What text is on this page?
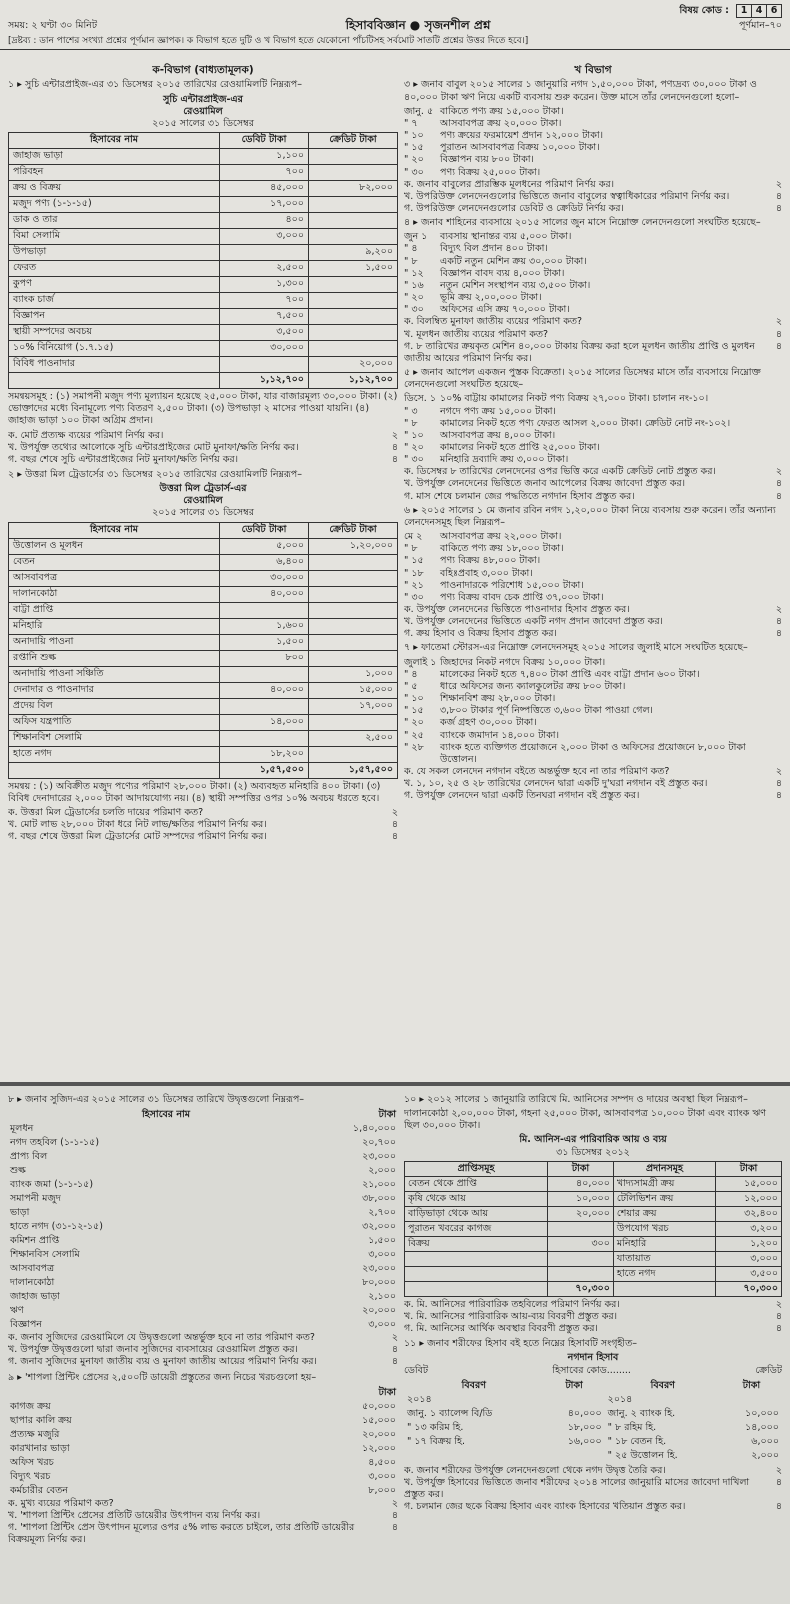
বিষয় কোড :	1 4 6
সময়: ২ ঘণ্টা ৩০ মিনিট	হিসাববিজ্ঞান ● সৃজনশীল প্রশ্ন	পূর্ণমান–৭০
[দ্রষ্টব্য : ডান পাশের সংখ্যা প্রশ্নের পূর্ণমান জ্ঞাপক। ক বিভাগ হতে দুটি ও খ বিভাগ হতে যেকোনো পাঁচটিসহ সর্বমোট সাতটি প্রশ্নের উত্তর দিতে হবে।]
ক-বিভাগ (বাধ্যতামূলক)
১ ▸ সুচি এন্টারপ্রাইজ-এর ৩১ ডিসেম্বর ২০১৫ তারিখের রেওয়ামিলটি নিম্নরূপ–
সুচি এন্টারপ্রাইজ-এর
রেওয়ামিল
২০১৫ সালের ৩১ ডিসেম্বর
হিসাবের নাম	ডেবিট টাকা	ক্রেডিট টাকা
জাহাজ ভাড়া	১,১০০	
পরিবহন	৭০০	
ক্রয় ও বিক্রয়	৪৫,০০০	৮২,০০০
মজুদ পণ্য (১-১-১৫)	১৭,০০০	
ডাক ও তার	৪০০	
বিমা সেলামি	৩,০০০	
উপভাড়া		৯,২০০
ফেরত	২,৫০০	১,৫০০
কুপণ	১,৩০০	
ব্যাংক চার্জ	৭০০	
বিজ্ঞাপন	৭,৫০০	
স্থায়ী সম্পদের অবচয়	৩,৫০০	
১০% বিনিয়োগ (১.৭.১৫)	৩০,০০০	
বিবিধ পাওনাদার		২০,০০০
	১,১২,৭০০	১,১২,৭০০
সমন্বয়সমূহ : (১) সমাপনী মজুদ পণ্য মূল্যায়ন হয়েছে ২৫,০০০ টাকা, যার বাজারমূল্য ৩০,০০০ টাকা। (২) ভোক্তাদের মধ্যে বিনামূল্যে পণ্য বিতরণ ২,৫০০ টাকা। (৩) উপভাড়া ২ মাসের পাওয়া যায়নি। (৪) জাহাজ ভাড়া ১০০ টাকা অগ্রিম প্রদান।
ক. মোট প্রত্যক্ষ ব্যয়ের পরিমাণ নির্ণয় কর।	২
খ. উপর্যুক্ত তথ্যের আলোকে সুচি এন্টারপ্রাইজের মোট মুনাফা/ক্ষতি নির্ণয় কর।	৪
গ. বছর শেষে সুচি এন্টারপ্রাইজের নিট মুনাফা/ক্ষতি নির্ণয় কর।	৪
২ ▸ উত্তরা মিল ট্রেডার্সের ৩১ ডিসেম্বর ২০১৫ তারিখের রেওয়ামিলটি নিম্নরূপ–
উত্তরা মিল ট্রেডার্স-এর
রেওয়ামিল
২০১৫ সালের ৩১ ডিসেম্বর
হিসাবের নাম	ডেবিট টাকা	ক্রেডিট টাকা
উত্তোলন ও মূলধন	৫,০০০	১,২০,০০০
বেতন	৬,৪০০	
আসবাবপত্র	৩০,০০০	
দালানকোঠা	৪০,০০০	
বাট্টা প্রাপ্তি		
মনিহারি	১,৬০০	
অনাদায়ি পাওনা	১,৫০০	
রপ্তানি শুল্ক	৮০০	
অনাদায়ি পাওনা সঞ্চিতি		১,০০০
দেনাদার ও পাওনাদার	৪০,০০০	১৫,০০০
প্রদেয় বিল		১৭,০০০
অফিস যন্ত্রপাতি	১৪,০০০	
শিক্ষানবিশ সেলামি		২,৫০০
হাতে নগদ	১৮,২০০	
	১,৫৭,৫০০	১,৫৭,৫০০
সমন্বয় : (১) অবিক্রীত মজুদ পণ্যের পরিমাণ ২৮,০০০ টাকা। (২) অব্যবহৃত মনিহারি ৪০০ টাকা। (৩) বিবিধ দেনাদারের ২,০০০ টাকা আদায়যোগ্য নয়। (৪) স্থায়ী সম্পত্তির ওপর ১০% অবচয় ধরতে হবে।
ক. উত্তরা মিল ট্রেডার্সের চলতি দায়ের পরিমাণ কত?	২
খ. মোট লাভ ২৮,০০০ টাকা ধরে নিট লাভ/ক্ষতির পরিমাণ নির্ণয় কর।	৪
গ. বছর শেষে উত্তরা মিল ট্রেডার্সের মোট সম্পদের পরিমাণ নির্ণয় কর।	৪
খ বিভাগ
৩ ▸ জনাব বাবুল ২০১৫ সালের ১ জানুয়ারি নগদ ১,৫০,০০০ টাকা, পণ্যদ্রব্য ৩০,০০০ টাকা ও ৪০,০০০ টাকা ঋণ নিয়ে একটি ব্যবসায় শুরু করেন। উক্ত মাসে তাঁর লেনদেনগুলো হলো–
জানু. ৫ বাকিতে পণ্য ক্রয় ১৫,০০০ টাকা।
" ৭	আসবাবপত্র ক্রয় ২০,০০০ টাকা।
" ১০	পণ্য ক্রয়ের ফরমায়েশ প্রদান ১২,০০০ টাকা।
" ১৫	পুরাতন আসবাবপত্র বিক্রয় ১০,০০০ টাকা।
" ২০	বিজ্ঞাপন ব্যয় ৮০০ টাকা।
" ৩০	পণ্য বিক্রয় ২৫,০০০ টাকা।
ক. জনাব বাবুলের প্রারম্ভিক মূলধনের পরিমাণ নির্ণয় কর।	২
খ. উপরিউক্ত লেনদেনগুলোর ভিত্তিতে জনাব বাবুলের স্বত্বাধিকারের পরিমাণ নির্ণয় কর।	৪
গ. উপরিউক্ত লেনদেনগুলোর ডেবিট ও ক্রেডিট নির্ণয় কর।	৪
৪ ▸ জনাব শাহিনের ব্যবসায়ে ২০১৫ সালের জুন মাসে নিম্নোক্ত লেনদেনগুলো সংঘটিত হয়েছে–
জুন ১	ব্যবসায় স্থানান্তর ব্যয় ৫,০০০ টাকা।
" ৪	বিদ্যুৎ বিল প্রদান ৪০০ টাকা।
" ৮	একটি নতুন মেশিন ক্রয় ৩০,০০০ টাকা।
" ১২	বিজ্ঞাপন বাবদ ব্যয় ৪,০০০ টাকা।
" ১৬	নতুন মেশিন সংস্থাপন ব্যয় ৩,৫০০ টাকা।
" ২০	ভূমি ক্রয় ২,০০,০০০ টাকা।
" ৩০	অফিসের এসি ক্রয় ৭০,০০০ টাকা।
ক. বিলম্বিত মুনাফা জাতীয় ব্যয়ের পরিমাণ কত?	২
খ. মূলধন জাতীয় ব্যয়ের পরিমাণ কত?	৪
গ. ৮ তারিখের ক্রয়কৃত মেশিন ৪০,০০০ টাকায় বিক্রয় করা হলে মূলধন জাতীয় প্রাপ্তি ও মুলধন জাতীয় আয়ের পরিমাণ নির্ণয় কর।
৪
৫ ▸ জনাব আপেল একজন পুস্তক বিক্রেতা। ২০১৫ সালের ডিসেম্বর মাসে তাঁর ব্যবসায়ে নিম্নোক্ত লেনদেনগুলো সংঘটিত হয়েছে–
ডিসে. ১ ১০% বাট্টায় কামালের নিকট পণ্য বিক্রয় ২৭,০০০ টাকা। চালান নং-১০।
" ৩	নগদে পণ্য ক্রয় ১৫,০০০ টাকা।
" ৮	কামালের নিকট হতে পণ্য ফেরত আসল ২,০০০ টাকা। ক্রেডিট নোট নং-১০২।
" ১০	আসবাবপত্র ক্রয় ৪,০০০ টাকা।
" ২০	কামালের নিকট হতে প্রাপ্তি ২৫,০০০ টাকা।
" ৩০	মনিহারি দ্রব্যাদি ক্রয় ৩,০০০ টাকা।
ক. ডিসেম্বর ৮ তারিখের লেনদেনের ওপর ভিত্তি করে একটি ক্রেডিট নোট প্রস্তুত কর।	২
খ. উপর্যুক্ত লেনদেনের ভিত্তিতে জনাব আপেলের বিক্রয় জাবেদা প্রস্তুত কর।	৪
গ. মাস শেষে চলমান জের পদ্ধতিতে নগদান হিসাব প্রস্তুত কর।	৪
৬ ▸ ২০১৫ সালের ১ মে জনাব রবিন নগদ ১,২০,০০০ টাকা নিয়ে ব্যবসায় শুরু করেন। তাঁর অন্যান্য লেনদেনসমূহ ছিল নিম্নরূপ–
মে ২	আসবাবপত্র ক্রয় ২২,০০০ টাকা।
" ৮	বাকিতে পণ্য ক্রয় ১৮,০০০ টাকা।
" ১৫	পণ্য বিক্রয় ৪৮,০০০ টাকা।
" ১৮	বহিঃপ্রবাহ ৩,০০০ টাকা।
" ২১	পাওনাদারকে পরিশোধ ১৫,০০০ টাকা।
" ৩০	পণ্য বিক্রয় বাবদ চেক প্রাপ্তি ৩৭,০০০ টাকা।
ক. উপর্যুক্ত লেনদেনের ভিত্তিতে পাওনাদার হিসাব প্রস্তুত কর।	২
খ. উপর্যুক্ত লেনদেনের ভিত্তিতে একটি নগদ প্রদান জাবেদা প্রস্তুত কর।	৪
গ. ক্রয় হিসাব ও বিক্রয় হিসাব প্রস্তুত কর।	৪
৭ ▸ ফাতেমা স্টোরস-এর নিম্নোক্ত লেনদেনসমূহ ২০১৫ সালের জুলাই মাসে সংঘটিত হয়েছে–
জুলাই ১ জিহাদের নিকট নগদে বিক্রয় ১০,০০০ টাকা।
" ৪	মালেকের নিকট হতে ৭,৪০০ টাকা প্রাপ্তি এবং বাট্টা প্রদান ৬০০ টাকা।
" ৫	ধারে অফিসের জন্য ক্যালকুলেটর ক্রয় ৮০০ টাকা।
" ১০	শিক্ষানবিশ ক্রয় ২৮,০০০ টাকা।
" ১৫	৩,৮০০ টাকার পূর্ণ নিষ্পত্তিতে ৩,৬০০ টাকা পাওয়া গেল।
" ২০	কর্জ গ্রহণ ৩০,০০০ টাকা।
" ২৫	ব্যাংকে জমাদান ১৪,০০০ টাকা।
" ২৮	ব্যাংক হতে ব্যক্তিগত প্রয়োজনে ২,০০০ টাকা ও অফিসের প্রয়োজনে ৮,০০০ টাকা উত্তোলন।
ক. যে সকল লেনদেন নগদান বইতে অন্তর্ভুক্ত হবে না তার পরিমাণ কত?	২
খ. ১, ১০, ২৫ ও ২৮ তারিখের লেনদেন দ্বারা একটি দু'ঘরা নগদান বই প্রস্তুত কর।	৪
গ. উপর্যুক্ত লেনদেন দ্বারা একটি তিনঘরা নগদান বই প্রস্তুত কর।	৪
৮ ▸ জনাব সুজিদ-এর ২০১৫ সালের ৩১ ডিসেম্বর তারিখে উদ্বৃত্তগুলো নিম্নরূপ–
হিসাবের নাম	টাকা
মূলধন	১,৪০,০০০
নগদ তহবিল (১-১-১৫)	২০,৭০০
প্রাপ্য বিল	২৩,০০০
শুল্ক	২,০০০
ব্যাংক জমা (১-১-১৫)	২১,০০০
সমাপনী মজুদ	৩৮,০০০
ভাড়া	২,৭০০
হাতে নগদ (৩১-১২-১৫)	৩২,০০০
কমিশন প্রাপ্তি	১,৫০০
শিক্ষানবিস সেলামি	৩,০০০
আসবাবপত্র	২৩,০০০
দালানকোঠা	৮০,০০০
জাহাজ ভাড়া	২,১০০
ঋণ	২০,০০০
বিজ্ঞাপন	৩,০০০
ক. জনাব সুজিদের রেওয়ামিলে যে উদ্বৃত্তগুলো অন্তর্ভুক্ত হবে না তার পরিমাণ কত?	২
খ. উপর্যুক্ত উদ্বৃত্তগুলো দ্বারা জনাব সুজিদের ব্যবসায়ের রেওয়ামিল প্রস্তুত কর।	৪
গ. জনাব সুজিদের মুনাফা জাতীয় ব্যয় ও মুনাফা জাতীয় আয়ের পরিমাণ নির্ণয় কর।	৪
৯ ▸ 'শাপলা প্রিন্টিং প্রেসের ২,৫০০টি ডায়েরী প্রস্তুতের জন্য নিচের খরচগুলো হয়–
	টাকা
কাগজ ক্রয়	৫০,০০০
ছাপার কালি ক্রয়	১৫,০০০
প্রত্যক্ষ মজুরি	২০,০০০
কারখানার ভাড়া	১২,০০০
অফিস খরচ	৪,৫০০
বিদ্যুৎ খরচ	৩,০০০
কর্মচারীর বেতন	৮,০০০
ক. মুখ্য ব্যয়ের পরিমাণ কত?	২
খ. 'শাপলা প্রিন্টিং প্রেসের প্রতিটি ডায়েরীর উৎপাদন ব্যয় নির্ণয় কর।	৪
গ. 'শাপলা প্রিন্টিং প্রেস উৎপাদন মূল্যের ওপর ৫% লাভ করতে চাইলে, তার প্রতিটি ডায়েরীর বিক্রয়মূল্য নির্ণয় কর।
৪
১০ ▸ ২০১২ সালের ১ জানুয়ারি তারিখে মি. আনিসের সম্পদ ও দায়ের অবস্থা ছিল নিম্নরূপ–
দালানকোঠা ২,০০,০০০ টাকা, গহনা ২৫,০০০ টাকা, আসবাবপত্র ১০,০০০ টাকা এবং ব্যাংক ঋণ ছিল ৩০,০০০ টাকা।
মি. আনিস-এর পারিবারিক আয় ও ব্যয়
৩১ ডিসেম্বর ২০১২
প্রাপ্তিসমূহ	টাকা	প্রদানসমূহ	টাকা
বেতন থেকে প্রাপ্তি	৪০,০০০	খাদ্যসামগ্রী ক্রয়	১৫,০০০
কৃষি থেকে আয়	১০,০০০	টেলিভিশন ক্রয়	১২,০০০
বাড়িভাড়া থেকে আয়	২০,০০০	শেয়ার ক্রয়	৩২,৪০০
পুরাতন খবরের কাগজ		উপযোগ খরচ	৩,২০০
বিক্রয়	৩০০	মনিহারি	১,২০০
		যাতায়াত	৩,০০০
		হাতে নগদ	৩,৫০০
	৭০,৩০০		৭০,৩০০
ক. মি. আনিসের পারিবারিক তহবিলের পরিমাণ নির্ণয় কর।	২
খ. মি. আনিসের পারিবারিক আয়-ব্যয় বিবরণী প্রস্তুত কর।	৪
গ. মি. আনিসের আর্থিক অবস্থার বিবরণী প্রস্তুত কর।	৪
১১ ▸ জনাব শরীফের হিসাব বই হতে নিম্নের হিসাবটি সংগৃহীত–
নগদান হিসাব
ডেবিট	হিসাবের কোড........	ক্রেডিট
বিবরণ	টাকা	বিবরণ	টাকা
২০১৪		২০১৪	
জানু. ১ ব্যালেন্স বি/ডি	৪০,০০০	জানু. ২ ব্যাংক হি.	১০,০০০
" ১৩ করিম হি.	১৮,০০০	" ৮ রহিম হি.	১৪,০০০
" ১৭ বিক্রয় হি.	১৬,০০০	" ১৮ বেতন হি.	৬,০০০
		" ২৫ উত্তোলন হি.	২,০০০
ক. জনাব শরীফের উপর্যুক্ত লেনদেনগুলো থেকে নগদ উদ্বৃত্ত তৈরি কর।	২
খ. উপর্যুক্ত হিসাবের ভিত্তিতে জনাব শরীফের ২০১৪ সালের জানুয়ারি মাসের জাবেদা দাখিলা প্রস্তুত কর।
৪
গ. চলমান জের ছকে বিক্রয় হিসাব এবং ব্যাংক হিসাবের খতিয়ান প্রস্তুত কর।	৪
